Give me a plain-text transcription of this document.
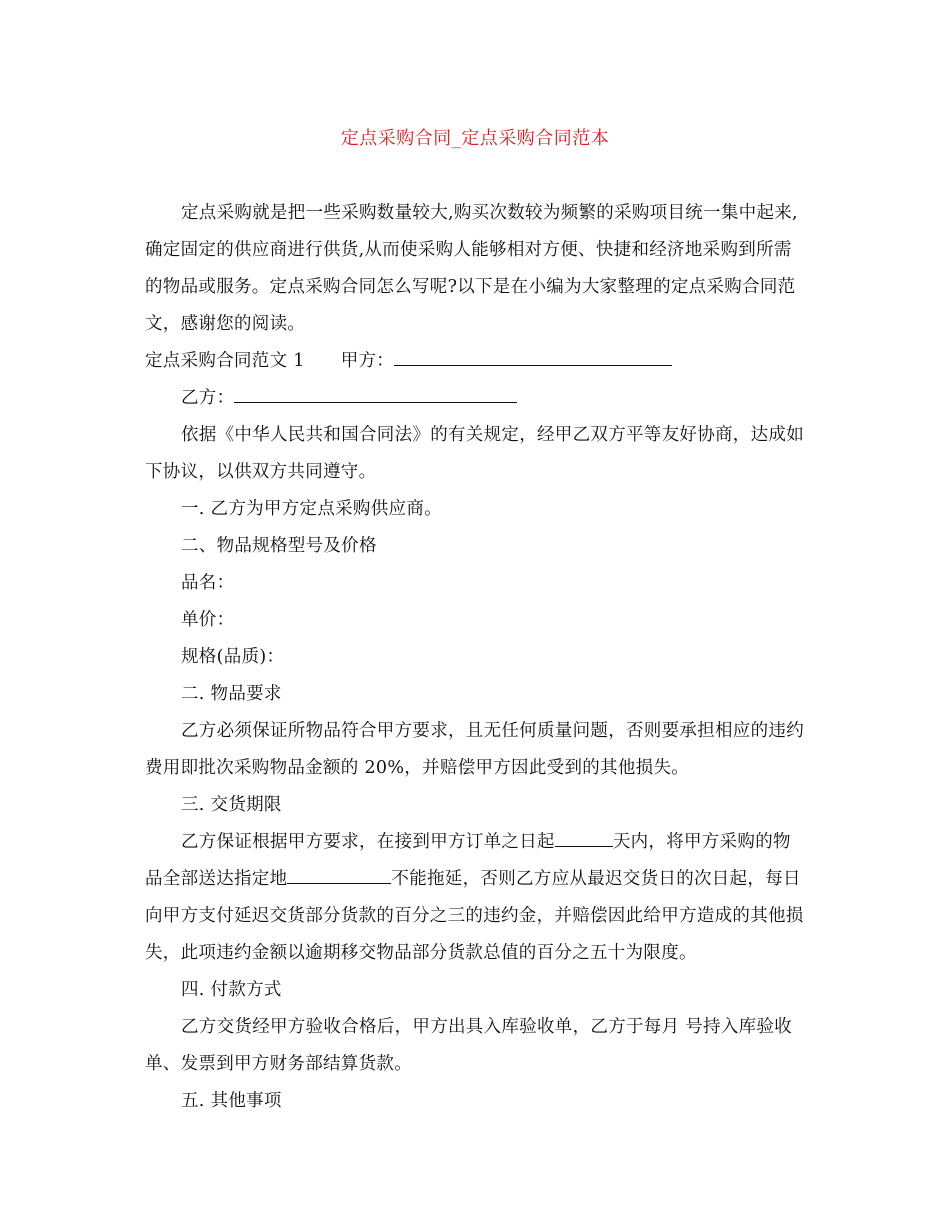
定点采购合同_定点采购合同范本

定点采购就是把一些采购数量较大,购买次数较为频繁的采购项目统一集中起来,确定固定的供应商进行供货,从而使采购人能够相对方便、快捷和经济地采购到所需的物品或服务。定点采购合同怎么写呢?以下是在小编为大家整理的定点采购合同范文，感谢您的阅读。

定点采购合同范文 1 甲方：

乙方：

依据《中华人民共和国合同法》的有关规定，经甲乙双方平等友好协商，达成如下协议，以供双方共同遵守。

一. 乙方为甲方定点采购供应商。

二、物品规格型号及价格

品名：

单价：

规格(品质)：

二. 物品要求

乙方必须保证所物品符合甲方要求，且无任何质量问题，否则要承担相应的违约费用即批次采购物品金额的 20%，并赔偿甲方因此受到的其他损失。

三. 交货期限

乙方保证根据甲方要求，在接到甲方订单之日起	天内，将甲方采购的物品全部送达指定地	不能拖延，否则乙方应从最迟交货日的次日起，每日向甲方支付延迟交货部分货款的百分之三的违约金，并赔偿因此给甲方造成的其他损失，此项违约金额以逾期移交物品部分货款总值的百分之五十为限度。

四. 付款方式

乙方交货经甲方验收合格后，甲方出具入库验收单，乙方于每月 号持入库验收单、发票到甲方财务部结算货款。

五. 其他事项
